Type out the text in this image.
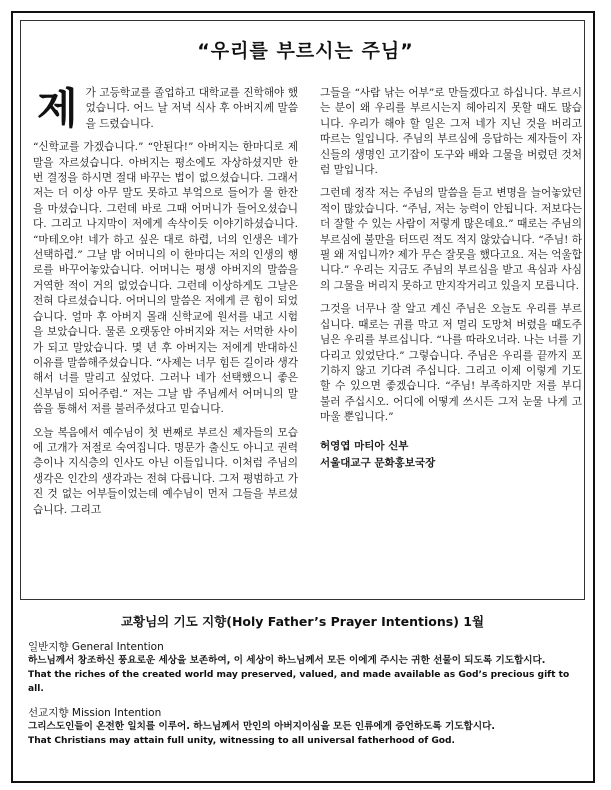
“우리를 부르시는 주님”

제 가 고등학교를 졸업하고 대학교를 진학해야 했었습니다. 어느 날 저녁 식사 후 아버지께 말씀을 드렸습니다.

“신학교를 가겠습니다.” “안된다!” 아버지는 한마디로 제 말을 자르셨습니다. 아버지는 평소에도 자상하셨지만 한번 결정을 하시면 절대 바꾸는 법이 없으셨습니다. 그래서 저는 더 이상 아무 말도 못하고 부엌으로 들어가 물 한잔을 마셨습니다. 그런데 바로 그때 어머니가 들어오셨습니다. 그리고 나지막이 저에게 속삭이듯 이야기하셨습니다. “마테오야! 네가 하고 싶은 대로 하렵, 너의 인생은 네가 선택하렵.” 그날 밤 어머니의 이 한마디는 저의 인생의 행로를 바꾸어놓았습니다. 어머니는 평생 아버지의 말씀을 거역한 적이 거의 없었습니다. 그런데 이상하게도 그날은 전혀 다르셨습니다. 어머니의 말씀은 저에게 큰 힘이 되었습니다. 얼마 후 아버지 몰래 신학교에 원서를 내고 시험을 보았습니다. 물론 오랫동안 아버지와 저는 서먹한 사이가 되고 말았습니다. 몇 년 후 아버지는 저에게 반대하신 이유를 말씀해주셨습니다. “사제는 너무 힘든 길이라 생각해서 너를 말리고 싶었다. 그러나 네가 선택했으니 좋은 신부님이 되어주렴.” 저는 그날 밤 주님께서 어머니의 말씀을 통해서 저를 불러주셨다고 믿습니다.

오늘 복음에서 예수님이 첫 번째로 부르신 제자들의 모습에 고개가 저절로 숙여집니다. 명문가 출신도 아니고 권력층이나 지식층의 인사도 아닌 이들입니다. 이처럼 주님의 생각은 인간의 생각과는 전혀 다릅니다. 그저 평범하고 가진 것 없는 어부들이었는데 예수님이 먼저 그들을 부르셨습니다. 그리고

그들을 “사람 낚는 어부”로 만들겠다고 하십니다. 부르시는 분이 왜 우리를 부르시는지 헤아리지 못할 때도 많습니다. 우리가 해야 할 일은 그저 네가 지닌 것을 버리고 따르는 일입니다. 주님의 부르심에 응답하는 제자들이 자신들의 생명인 고기잡이 도구와 배와 그물을 버렸던 것처럼 말입니다.

그런데 정작 저는 주님의 말씀을 듣고 변명을 늘어놓았던 적이 많았습니다. “주님, 저는 능력이 안됩니다. 저보다는 더 잘할 수 있는 사람이 저렇게 많은데요.” 때로는 주님의 부르심에 불만을 터뜨린 적도 적지 않았습니다. “주님! 하필 왜 저입니까? 제가 무슨 잘못을 했다고요. 저는 억울합니다.” 우리는 지금도 주님의 부르심을 받고 욕심과 사심의 그물을 버리지 못하고 만지작거리고 있을지 모릅니다.

그것을 너무나 잘 알고 계신 주님은 오늘도 우리를 부르십니다. 때로는 귀를 막고 저 멀리 도망쳐 버렸을 때도주님은 우리를 부르십니다. “나를 따라오너라. 나는 너를 기다리고 있었단다.” 그렇습니다. 주님은 우리를 끝까지 포기하지 않고 기다려 주십니다. 그리고 이제 이렇게 기도할 수 있으면 좋겠습니다. “주님! 부족하지만 저를 부디 불러 주십시오. 어디에 어떻게 쓰시든 그저 눈물 나게 고마울 뿐입니다.”

허영엽 마티아 신부
서울대교구 문화홍보국장
교황님의 기도 지향(Holy Father’s Prayer Intentions) 1월
일반지향 General Intention
하느님께서 창조하신 풍요로운 세상을 보존하여, 이 세상이 하느님께서 모든 이에게 주시는 귀한 선물이 되도록 기도합시다.
That the riches of the created world may preserved, valued, and made available as God’s precious gift to all.
선교지향 Mission Intention
그리스도인들이 온전한 일치를 이루어. 하느님께서 만인의 아버지이심을 모든 인류에게 증언하도록 기도합시다.
That Christians may attain full unity, witnessing to all universal fatherhood of God.
